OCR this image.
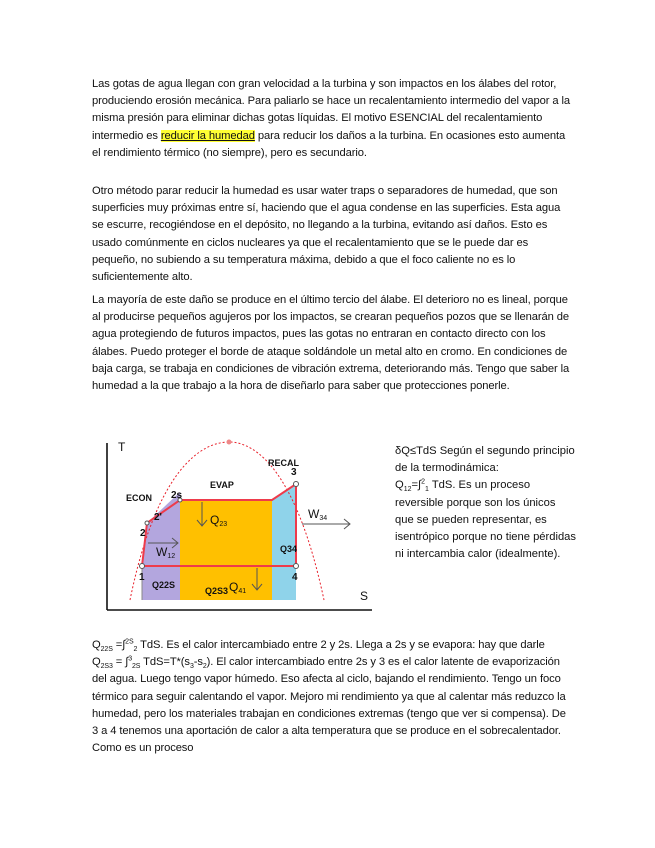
Las gotas de agua llegan con gran velocidad a la turbina y son impactos en los álabes del rotor, produciendo erosión mecánica. Para paliarlo se hace un recalentamiento intermedio del vapor a la misma presión para eliminar dichas gotas líquidas. El motivo ESENCIAL del recalentamiento intermedio es reducir la humedad para reducir los daños a la turbina. En ocasiones esto aumenta el rendimiento térmico (no siempre), pero es secundario.

Otro método parar reducir la humedad es usar water traps o separadores de humedad, que son superficies muy próximas entre sí, haciendo que el agua condense en las superficies. Esta agua se escurre, recogiéndose en el depósito, no llegando a la turbina, evitando así daños. Esto es usado comúnmente en ciclos nucleares ya que el recalentamiento que se le puede dar es pequeño, no subiendo a su temperatura máxima, debido a que el foco caliente no es lo suficientemente alto.

La mayoría de este daño se produce en el último tercio del álabe. El deterioro no es lineal, porque al producirse pequeños agujeros por los impactos, se crearan pequeños pozos que se llenarán de agua protegiendo de futuros impactos, pues las gotas no entraran en contacto directo con los álabes. Puedo proteger el borde de ataque soldándole un metal alto en cromo. En condiciones de baja carga, se trabaja en condiciones de vibración extrema, deteriorando más. Tengo que saber la humedad a la que trabajo a la hora de diseñarlo para saber que protecciones ponerle.

T
S
RECAL
EVAP
ECON
1
2
2'
2s
3
4
W12
W34
Q23
Q41
Q34
Q22S
Q2S3

δQ≤TdS Según el segundo principio de la termodinámica:
$Q_{12}=\int^2_1$ TdS. Es un proceso reversible porque son los únicos que se pueden representar, es isentrópico porque no tiene pérdidas ni intercambia calor (idealmente).

$Q_{22S} =\int^{2S}_2$ TdS. Es el calor intercambiado entre 2 y 2s. Llega a 2s y se evapora: hay que darle
$Q_{2S3} = \int^3_{2S}$ $TdS=T*(s_3-s_2)$. El calor intercambiado entre 2s y 3 es el calor latente de evaporización del agua. Luego tengo vapor húmedo. Eso afecta al ciclo, bajando el rendimiento. Tengo un foco térmico para seguir calentando el vapor. Mejoro mi rendimiento ya que al calentar más reduzco la humedad, pero los materiales trabajan en condiciones extremas (tengo que ver si compensa). De 3 a 4 tenemos una aportación de calor a alta temperatura que se produce en el sobrecalentador. Como es un proceso
